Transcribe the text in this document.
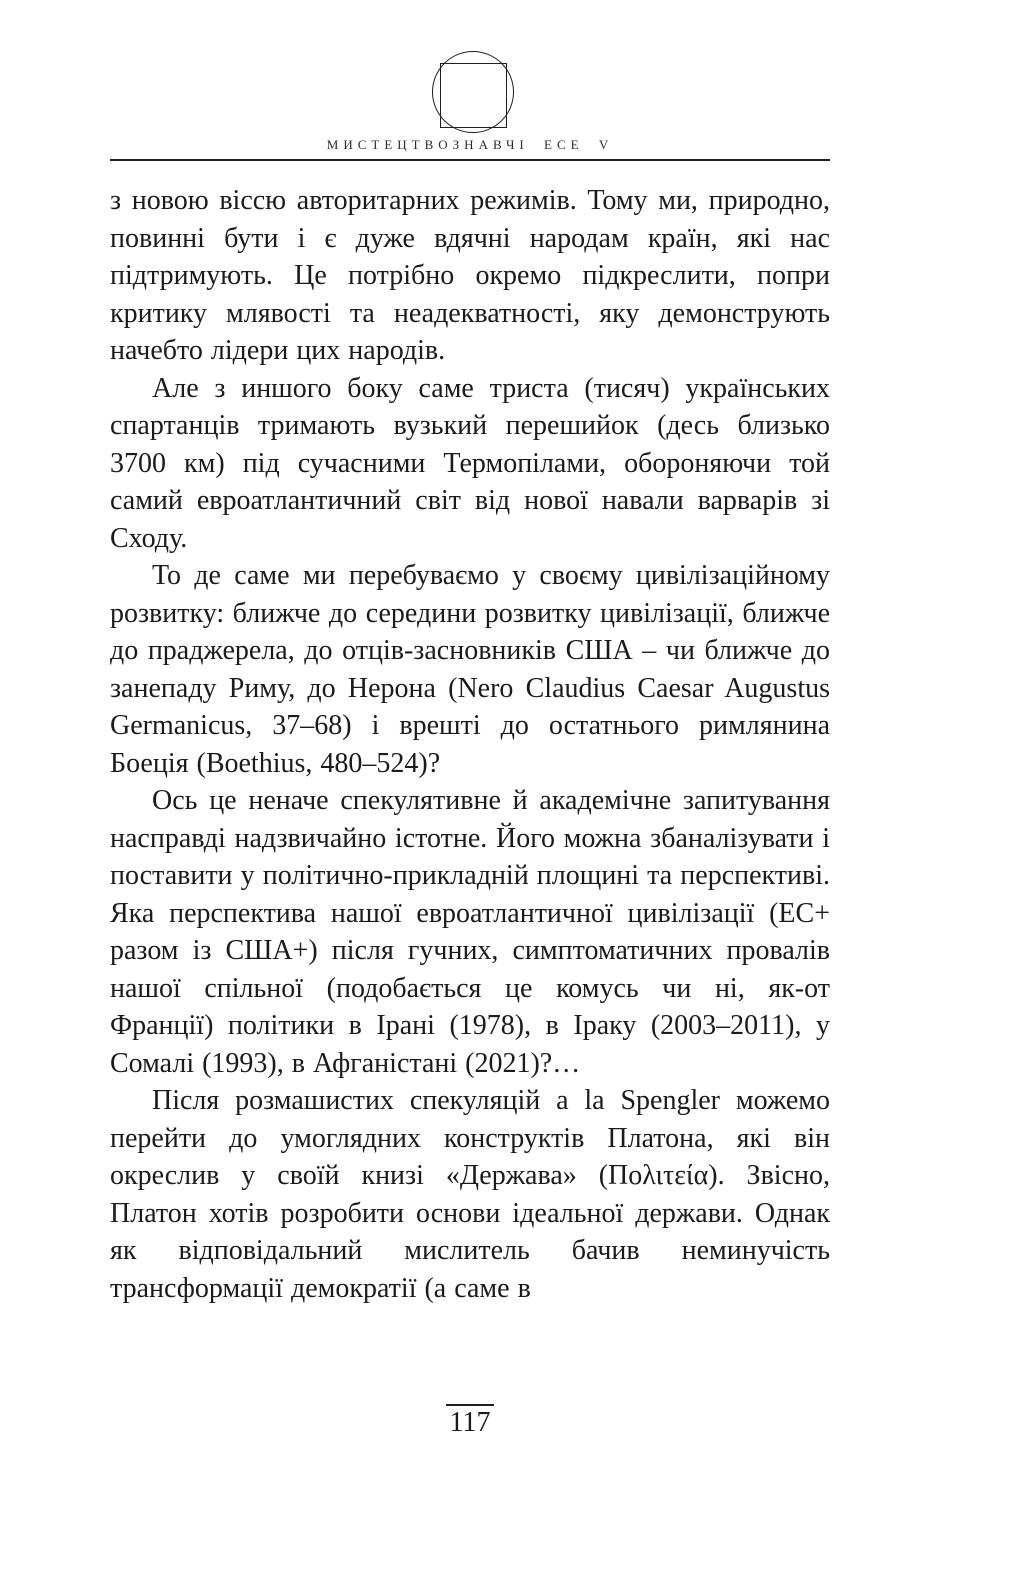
МИСТЕЦТВОЗНАВЧІ ЕСЕ V

з новою віссю авторитарних режимів. Тому ми, природно, повинні бути і є дуже вдячні народам країн, які нас підтримують. Це потрібно окремо підкреслити, попри критику млявості та неадекватності, яку демонструють начебто лідери цих народів.

Але з иншого боку саме триста (тисяч) українських спартанців тримають вузький перешийок (десь близько 3700 км) під сучасними Термопілами, обороняючи той самий евроатлантичний світ від нової навали варварів зі Сходу.

То де саме ми перебуваємо у своєму цивілізаційному розвитку: ближче до середини розвитку цивілізації, ближче до праджерела, до отців-засновників США – чи ближче до занепаду Риму, до Нерона (Nero Claudius Caesar Augustus Germanicus, 37–68) і врешті до остатнього римлянина Боеція (Boethius, 480–524)?

Ось це неначе спекулятивне й академічне запитування насправді надзвичайно істотне. Його можна збаналізувати і поставити у політично-прикладній площині та перспективі. Яка перспектива нашої евроатлантичної цивілізації (ЕС+ разом із США+) після гучних, симптоматичних провалів нашої спільної (подобається це комусь чи ні, як-от Франції) політики в Ірані (1978), в Іраку (2003–2011), у Сомалі (1993), в Афганістані (2021)?…

Після розмашистих спекуляцій а la Spengler можемо перейти до умоглядних конструктів Платона, які він окреслив у своїй книзі «Держава» (Πολιτεία). Звісно, Платон хотів розробити основи ідеальної держави. Однак як відповідальний мислитель бачив неминучість трансформації демократії (а саме в

117
